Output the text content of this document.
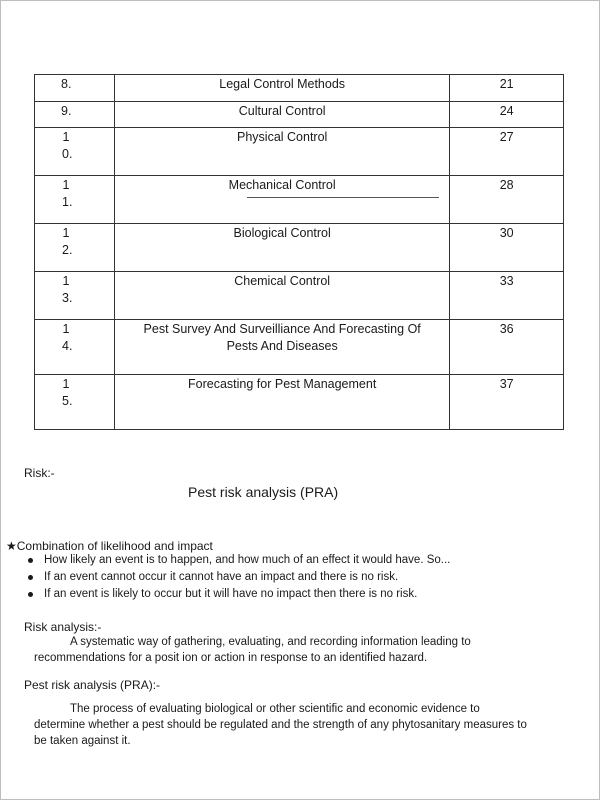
8.	Legal Control Methods	21
9.	Cultural Control	24

10.	Physical Control	27

11.	Mechanical Control	28

12.	Biological Control	30

13.	Chemical Control	33

14.	Pest Survey And Surveilliance And Forecasting Of Pests And Diseases	36

15.	Forecasting for Pest Management	37
Risk:-
Pest risk analysis (PRA)
★Combination of likelihood and impact
How likely an event is to happen, and how much of an effect it would have. So...
If an event cannot occur it cannot have an impact and there is no risk.
If an event is likely to occur but it will have no impact then there is no risk.
Risk analysis:-
A systematic way of gathering, evaluating, and recording information leading to recommendations for a posit ion or action in response to an identified hazard.
Pest risk analysis (PRA):-
The process of evaluating biological or other scientific and economic evidence to determine whether a pest should be regulated and the strength of any phytosanitary measures to be taken against it.
